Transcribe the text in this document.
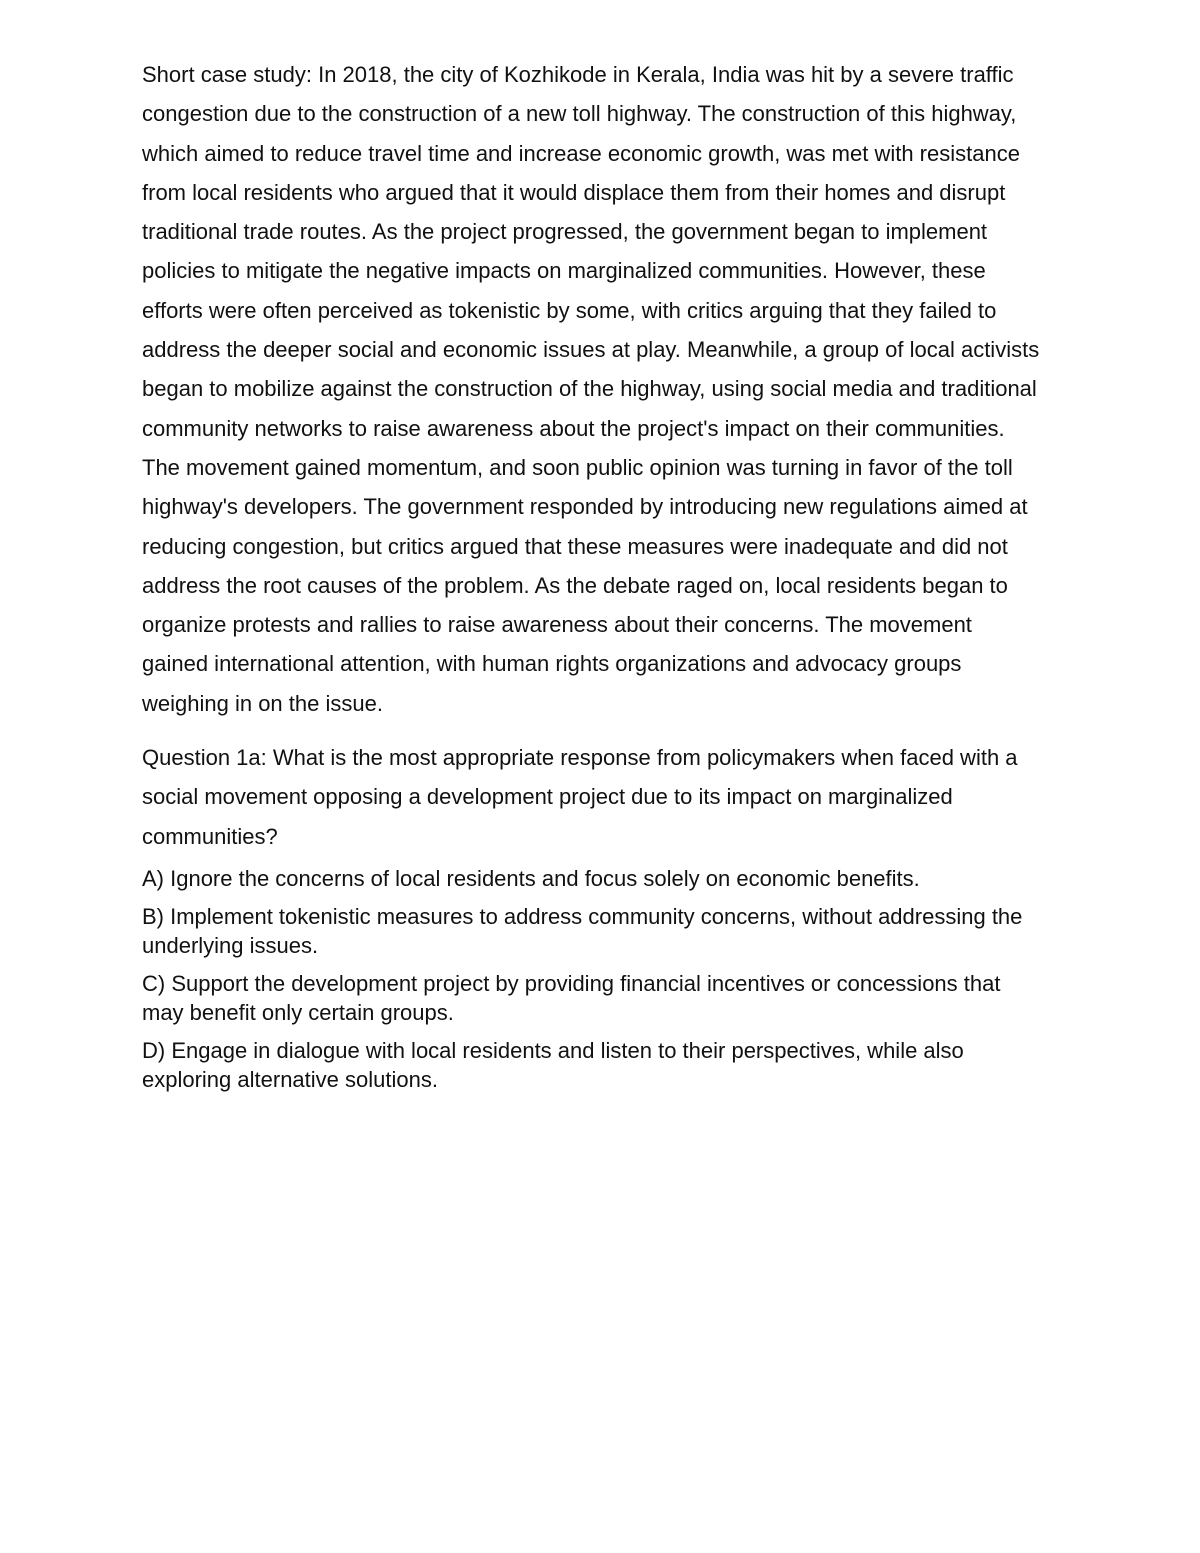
Short case study: In 2018, the city of Kozhikode in Kerala, India was hit by a severe traffic congestion due to the construction of a new toll highway. The construction of this highway, which aimed to reduce travel time and increase economic growth, was met with resistance from local residents who argued that it would displace them from their homes and disrupt traditional trade routes. As the project progressed, the government began to implement policies to mitigate the negative impacts on marginalized communities. However, these efforts were often perceived as tokenistic by some, with critics arguing that they failed to address the deeper social and economic issues at play. Meanwhile, a group of local activists began to mobilize against the construction of the highway, using social media and traditional community networks to raise awareness about the project's impact on their communities. The movement gained momentum, and soon public opinion was turning in favor of the toll highway's developers. The government responded by introducing new regulations aimed at reducing congestion, but critics argued that these measures were inadequate and did not address the root causes of the problem. As the debate raged on, local residents began to organize protests and rallies to raise awareness about their concerns. The movement gained international attention, with human rights organizations and advocacy groups weighing in on the issue.

Question 1a: What is the most appropriate response from policymakers when faced with a social movement opposing a development project due to its impact on marginalized communities?

A) Ignore the concerns of local residents and focus solely on economic benefits.
B) Implement tokenistic measures to address community concerns, without addressing the underlying issues.
C) Support the development project by providing financial incentives or concessions that may benefit only certain groups.
D) Engage in dialogue with local residents and listen to their perspectives, while also exploring alternative solutions.
